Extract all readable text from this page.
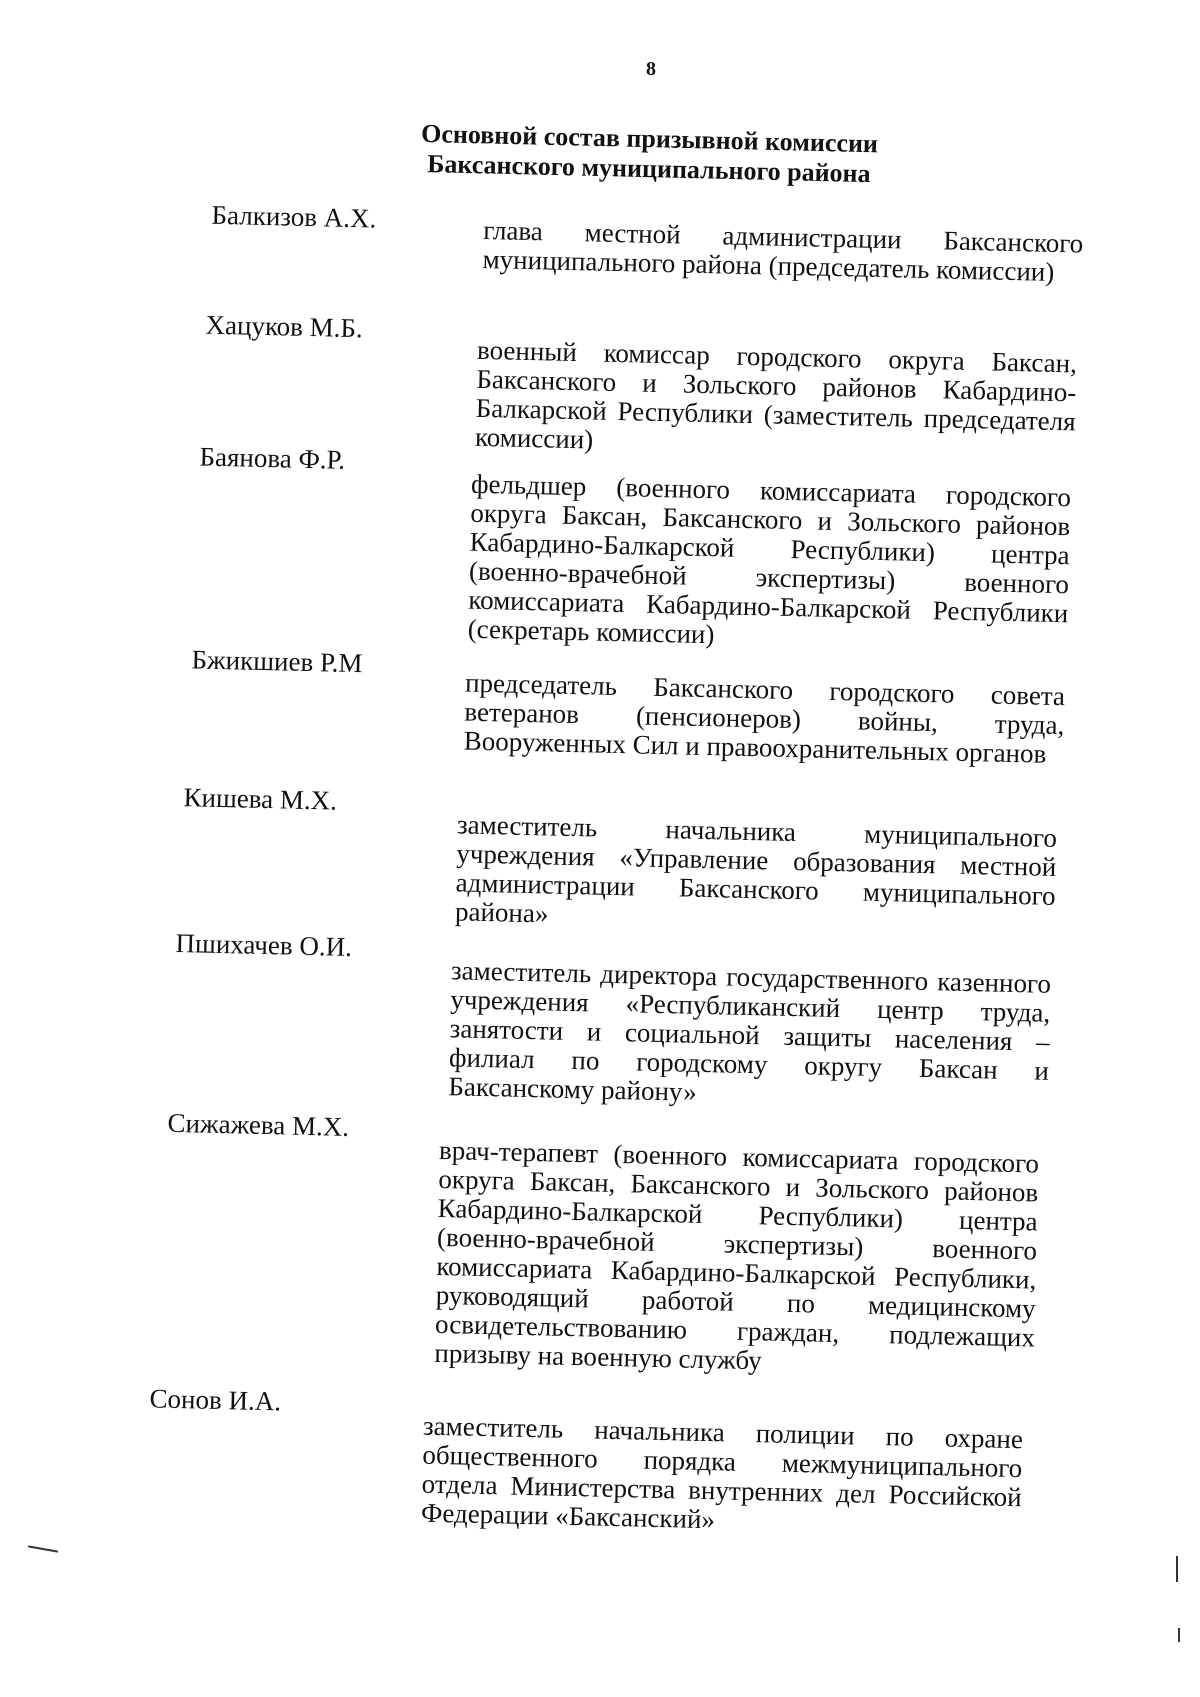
8
Основной состав призывной комиссии
Баксанского муниципального района
Балкизов А.Х.	глава местной администрации Баксанского муниципального района (председатель комиссии)
Хацуков М.Б.
военный комиссар городского округа Баксан, Баксанского и Зольского районов Кабардино-Балкарской Республики (заместитель председателя комиссии)
Баянова Ф.Р.
фельдшер (военного комиссариата городского округа Баксан, Баксанского и Зольского районов Кабардино-Балкарской Республики) центра (военно-врачебной экспертизы) военного комиссариата Кабардино-Балкарской Республики (секретарь комиссии)
Бжикшиев Р.М
председатель Баксанского городского совета ветеранов (пенсионеров) войны, труда, Вооруженных Сил и правоохранительных органов
Кишева М.Х.
заместитель начальника муниципального учреждения «Управление образования местной администрации Баксанского муниципального района»
Пшихачев О.И.
заместитель директора государственного казенного учреждения «Республиканский центр труда, занятости и социальной защиты населения – филиал по городскому округу Баксан и Баксанскому району»
Сижажева М.Х.
врач-терапевт (военного комиссариата городского округа Баксан, Баксанского и Зольского районов Кабардино-Балкарской Республики) центра (военно-врачебной экспертизы) военного комиссариата Кабардино-Балкарской Республики, руководящий работой по медицинскому освидетельствованию граждан, подлежащих призыву на военную службу
Сонов И.А.
заместитель начальника полиции по охране общественного порядка межмуниципального отдела Министерства внутренних дел Российской Федерации «Баксанский»
